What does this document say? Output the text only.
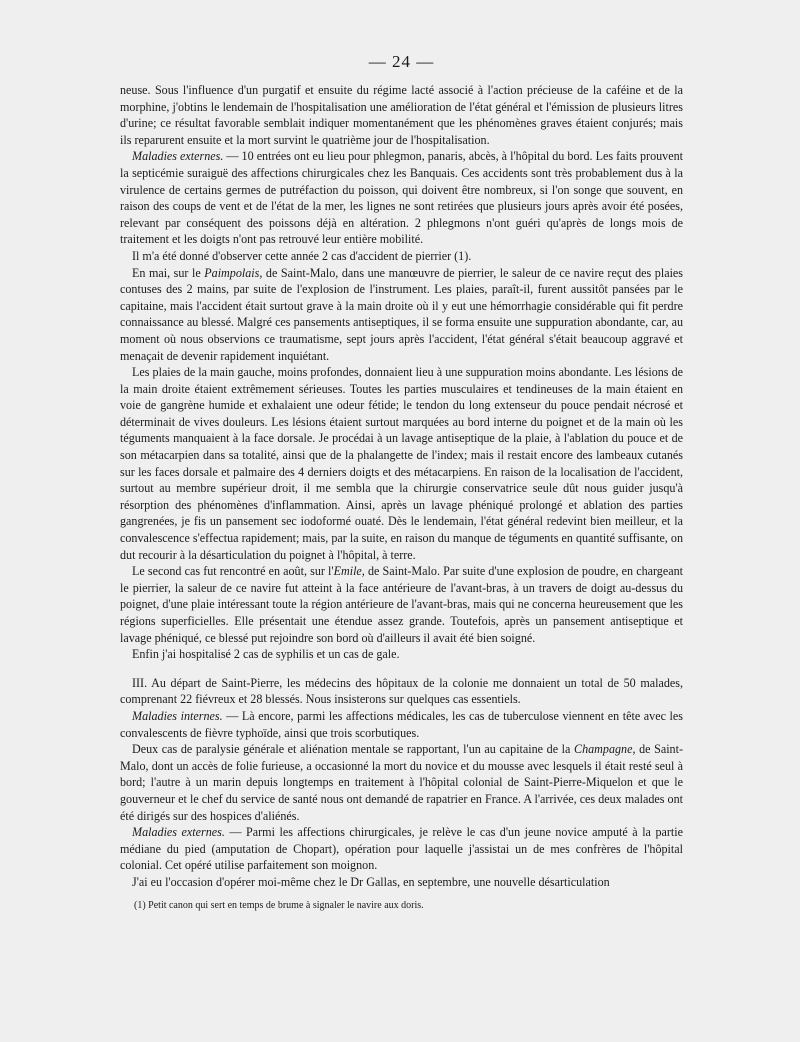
— 24 —

neuse. Sous l'influence d'un purgatif et ensuite du régime lacté associé à l'action précieuse de la caféine et de la morphine, j'obtins le lendemain de l'hospitalisation une amélioration de l'état général et l'émission de plusieurs litres d'urine; ce résultat favorable semblait indiquer momentanément que les phénomènes graves étaient conjurés; mais ils reparurent ensuite et la mort survint le quatrième jour de l'hospitalisation.

Maladies externes. — 10 entrées ont eu lieu pour phlegmon, panaris, abcès, à l'hôpital du bord. Les faits prouvent la septicémie suraiguë des affections chirurgicales chez les Banquais. Ces accidents sont très probablement dus à la virulence de certains germes de putréfaction du poisson, qui doivent être nombreux, si l'on songe que souvent, en raison des coups de vent et de l'état de la mer, les lignes ne sont retirées que plusieurs jours après avoir été posées, relevant par conséquent des poissons déjà en altération. 2 phlegmons n'ont guéri qu'après de longs mois de traitement et les doigts n'ont pas retrouvé leur entière mobilité.

Il m'a été donné d'observer cette année 2 cas d'accident de pierrier (1).

En mai, sur le Paimpolais, de Saint-Malo, dans une manœuvre de pierrier, le saleur de ce navire reçut des plaies contuses des 2 mains, par suite de l'explosion de l'instrument. Les plaies, paraît-il, furent aussitôt pansées par le capitaine, mais l'accident était surtout grave à la main droite où il y eut une hémorrhagie considérable qui fit perdre connaissance au blessé. Malgré ces pansements antiseptiques, il se forma ensuite une suppuration abondante, car, au moment où nous observions ce traumatisme, sept jours après l'accident, l'état général s'était beaucoup aggravé et menaçait de devenir rapidement inquiétant.

Les plaies de la main gauche, moins profondes, donnaient lieu à une suppuration moins abondante. Les lésions de la main droite étaient extrêmement sérieuses. Toutes les parties musculaires et tendineuses de la main étaient en voie de gangrène humide et exhalaient une odeur fétide; le tendon du long extenseur du pouce pendait nécrosé et déterminait de vives douleurs. Les lésions étaient surtout marquées au bord interne du poignet et de la main où les téguments manquaient à la face dorsale. Je procédai à un lavage antiseptique de la plaie, à l'ablation du pouce et de son métacarpien dans sa totalité, ainsi que de la phalangette de l'index; mais il restait encore des lambeaux cutanés sur les faces dorsale et palmaire des 4 derniers doigts et des métacarpiens. En raison de la localisation de l'accident, surtout au membre supérieur droit, il me sembla que la chirurgie conservatrice seule dût nous guider jusqu'à résorption des phénomènes d'inflammation. Ainsi, après un lavage phéniqué prolongé et ablation des parties gangrenées, je fis un pansement sec iodoformé ouaté. Dès le lendemain, l'état général redevint bien meilleur, et la convalescence s'effectua rapidement; mais, par la suite, en raison du manque de téguments en quantité suffisante, on dut recourir à la désarticulation du poignet à l'hôpital, à terre.

Le second cas fut rencontré en août, sur l'Emile, de Saint-Malo. Par suite d'une explosion de poudre, en chargeant le pierrier, la saleur de ce navire fut atteint à la face antérieure de l'avant-bras, à un travers de doigt au-dessus du poignet, d'une plaie intéressant toute la région antérieure de l'avant-bras, mais qui ne concerna heureusement que les régions superficielles. Elle présentait une étendue assez grande. Toutefois, après un pansement antiseptique et lavage phéniqué, ce blessé put rejoindre son bord où d'ailleurs il avait été bien soigné.

Enfin j'ai hospitalisé 2 cas de syphilis et un cas de gale.

III. Au départ de Saint-Pierre, les médecins des hôpitaux de la colonie me donnaient un total de 50 malades, comprenant 22 fiévreux et 28 blessés. Nous insisterons sur quelques cas essentiels.

Maladies internes. — Là encore, parmi les affections médicales, les cas de tuberculose viennent en tête avec les convalescents de fièvre typhoïde, ainsi que trois scorbutiques.

Deux cas de paralysie générale et aliénation mentale se rapportant, l'un au capitaine de la Champagne, de Saint-Malo, dont un accès de folie furieuse, a occasionné la mort du novice et du mousse avec lesquels il était resté seul à bord; l'autre à un marin depuis longtemps en traitement à l'hôpital colonial de Saint-Pierre-Miquelon et que le gouverneur et le chef du service de santé nous ont demandé de rapatrier en France. A l'arrivée, ces deux malades ont été dirigés sur des hospices d'aliénés.

Maladies externes. — Parmi les affections chirurgicales, je relève le cas d'un jeune novice amputé à la partie médiane du pied (amputation de Chopart), opération pour laquelle j'assistai un de mes confrères de l'hôpital colonial. Cet opéré utilise parfaitement son moignon.

J'ai eu l'occasion d'opérer moi-même chez le Dr Gallas, en septembre, une nouvelle désarticulation

(1) Petit canon qui sert en temps de brume à signaler le navire aux doris.
